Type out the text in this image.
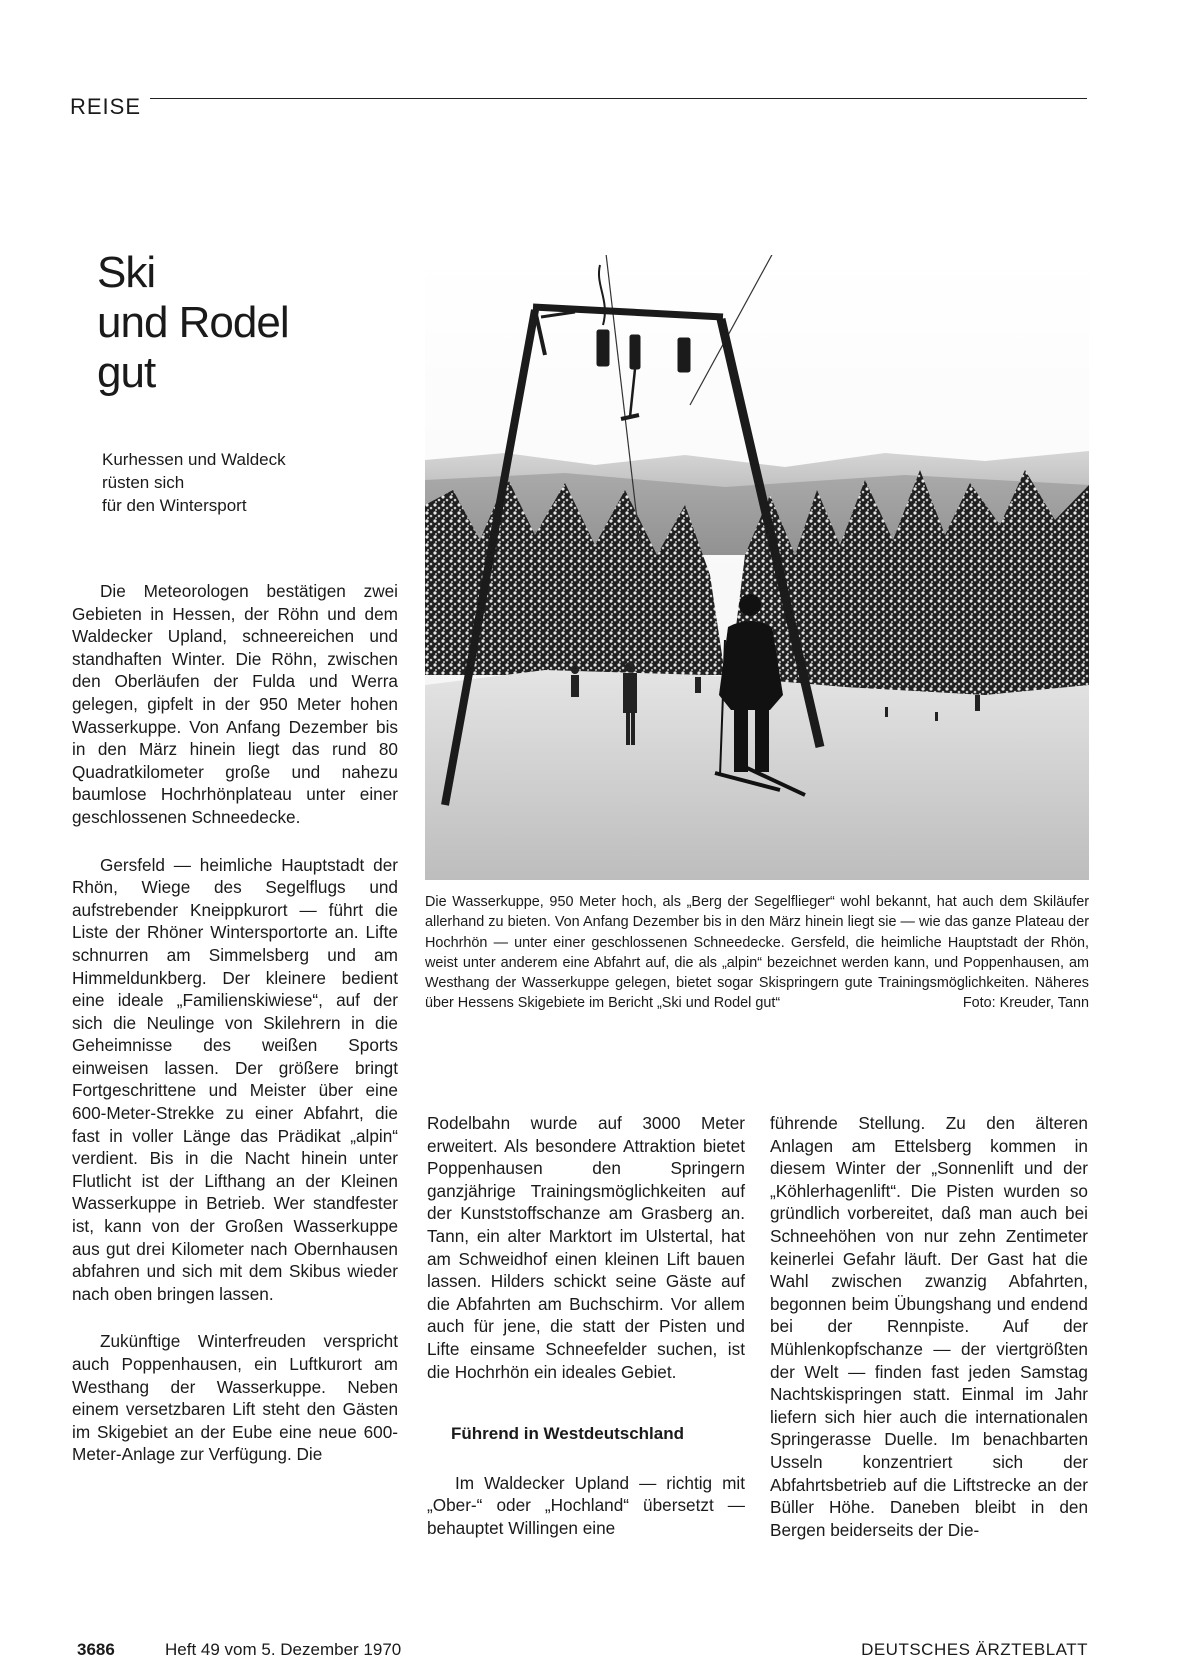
REISE
Ski
und Rodel
gut
Kurhessen und Waldeck
rüsten sich
für den Wintersport

Die Meteorologen bestätigen zwei Gebieten in Hessen, der Röhn und dem Waldecker Upland, schneereichen und standhaften Winter. Die Röhn, zwischen den Oberläufen der Fulda und Werra gelegen, gipfelt in der 950 Meter hohen Wasserkuppe. Von Anfang Dezember bis in den März hinein liegt das rund 80 Quadratkilometer große und nahezu baumlose Hochrhönplateau unter einer geschlossenen Schneedecke.

Gersfeld — heimliche Hauptstadt der Rhön, Wiege des Segelflugs und aufstrebender Kneippkurort — führt die Liste der Rhöner Wintersportorte an. Lifte schnurren am Simmelsberg und am Himmeldunkberg. Der kleinere bedient eine ideale „Familienskiwiese“, auf der sich die Neulinge von Skilehrern in die Geheimnisse des weißen Sports einweisen lassen. Der größere bringt Fortgeschrittene und Meister über eine 600-Meter-Strekke zu einer Abfahrt, die fast in voller Länge das Prädikat „alpin“ verdient. Bis in die Nacht hinein unter Flutlicht ist der Lifthang an der Kleinen Wasserkuppe in Betrieb. Wer standfester ist, kann von der Großen Wasserkuppe aus gut drei Kilometer nach Obernhausen abfahren und sich mit dem Skibus wieder nach oben bringen lassen.

Zukünftige Winterfreuden verspricht auch Poppenhausen, ein Luftkurort am Westhang der Wasserkuppe. Neben einem versetzbaren Lift steht den Gästen im Skigebiet an der Eube eine neue 600-Meter-Anlage zur Verfügung. Die

Die Wasserkuppe, 950 Meter hoch, als „Berg der Segelflieger“ wohl bekannt, hat auch dem Skiläufer allerhand zu bieten. Von Anfang Dezember bis in den März hinein liegt sie — wie das ganze Plateau der Hochrhön — unter einer geschlossenen Schneedecke. Gersfeld, die heimliche Hauptstadt der Rhön, weist unter anderem eine Abfahrt auf, die als „alpin“ bezeichnet werden kann, und Poppenhausen, am Westhang der Wasserkuppe gelegen, bietet sogar Skispringern gute Trainingsmöglichkeiten. Näheres über Hessens Skigebiete im Bericht „Ski und Rodel gut“	Foto: Kreuder, Tann

Rodelbahn wurde auf 3000 Meter erweitert. Als besondere Attraktion bietet Poppenhausen den Springern ganzjährige Trainingsmöglichkeiten auf der Kunststoffschanze am Grasberg an. Tann, ein alter Marktort im Ulstertal, hat am Schweidhof einen kleinen Lift bauen lassen. Hilders schickt seine Gäste auf die Abfahrten am Buchschirm. Vor allem auch für jene, die statt der Pisten und Lifte einsame Schneefelder suchen, ist die Hochrhön ein ideales Gebiet.

Führend in Westdeutschland

Im Waldecker Upland — richtig mit „Ober-“ oder „Hochland“ übersetzt — behauptet Willingen eine

führende Stellung. Zu den älteren Anlagen am Ettelsberg kommen in diesem Winter der „Sonnenlift und der „Köhlerhagenlift“. Die Pisten wurden so gründlich vorbereitet, daß man auch bei Schneehöhen von nur zehn Zentimeter keinerlei Gefahr läuft. Der Gast hat die Wahl zwischen zwanzig Abfahrten, begonnen beim Übungshang und endend bei der Rennpiste. Auf der Mühlenkopfschanze — der viertgrößten der Welt — finden fast jeden Samstag Nachtskispringen statt. Einmal im Jahr liefern sich hier auch die internationalen Springerasse Duelle. Im benachbarten Usseln konzentriert sich der Abfahrtsbetrieb auf die Liftstrecke an der Büller Höhe. Daneben bleibt in den Bergen beiderseits der Die-

3686	Heft 49 vom 5. Dezember 1970	DEUTSCHES ÄRZTEBLATT
